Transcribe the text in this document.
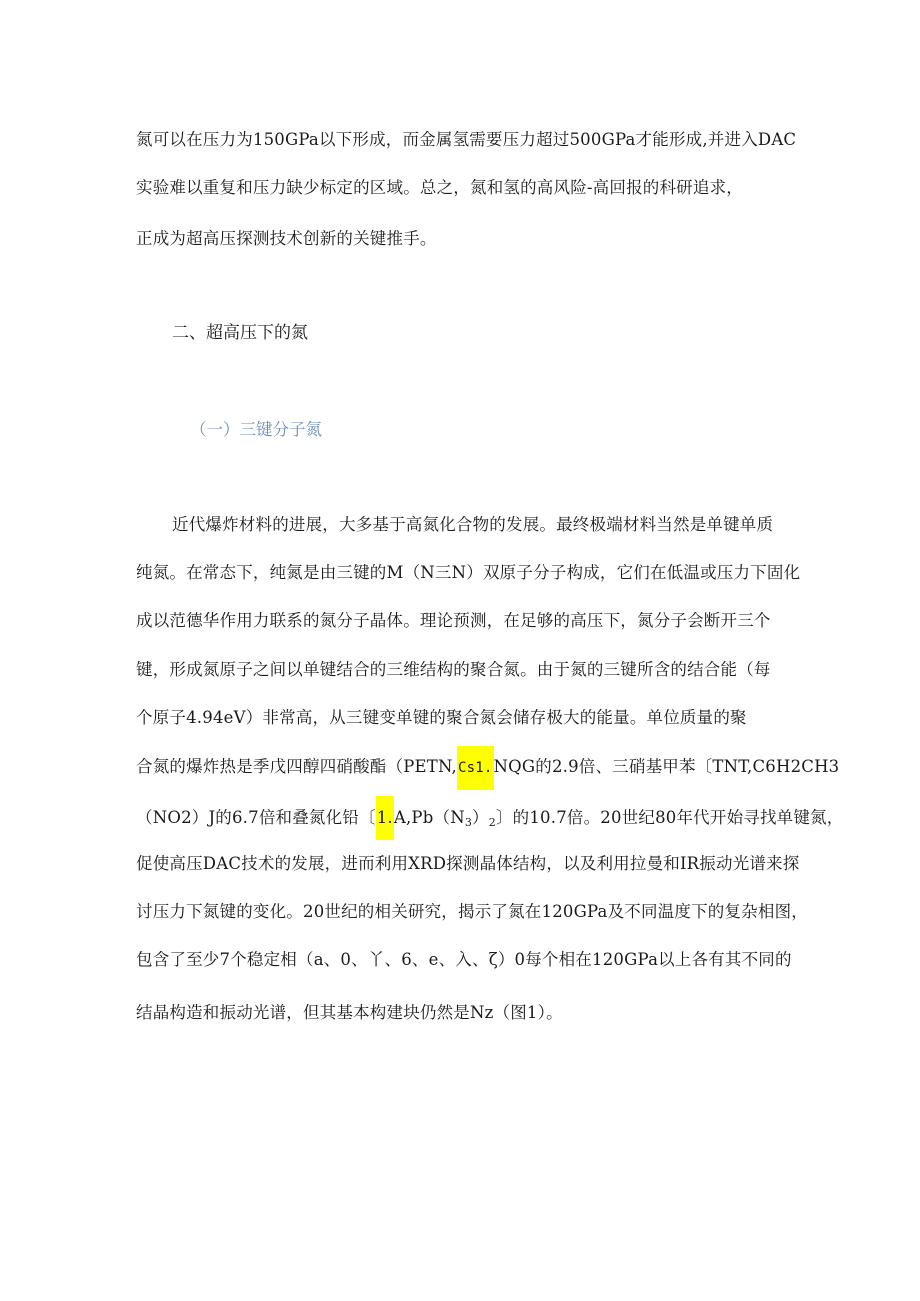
氮可以在压力为150GPa以下形成，而金属氢需要压力超过500GPa才能形成,并进入DAC
实验难以重复和压力缺少标定的区域。总之，氮和氢的高风险-高回报的科研追求，
正成为超高压探测技术创新的关键推手。
二、超高压下的氮
（一）三键分子氮
近代爆炸材料的进展，大多基于高氮化合物的发展。最终极端材料当然是单键单质
纯氮。在常态下，纯氮是由三键的M（N三N）双原子分子构成，它们在低温或压力下固化
成以范德华作用力联系的氮分子晶体。理论预测，在足够的高压下，氮分子会断开三个
键，形成氮原子之间以单键结合的三维结构的聚合氮。由于氮的三键所含的结合能（每
个原子4.94eV）非常高，从三键变单键的聚合氮会储存极大的能量。单位质量的聚
合氮的爆炸热是季戊四醇四硝酸酯（PETN,Cs1.NQG的2.9倍、三硝基甲苯〔TNT,C6H2CH3
（NO2）J的6.7倍和叠氮化铅〔$1.A,Pb(N_3)_2$〕的10.7倍。20世纪80年代开始寻找单键氮，
促使高压DAC技术的发展，进而利用XRD探测晶体结构，以及利用拉曼和IR振动光谱来探
讨压力下氮键的变化。20世纪的相关研究，揭示了氮在120GPa及不同温度下的复杂相图，
包含了至少7个稳定相（a、0、丫、6、e、入、ζ）0每个相在120GPa以上各有其不同的
结晶构造和振动光谱，但其基本构建块仍然是Nz（图1）。
